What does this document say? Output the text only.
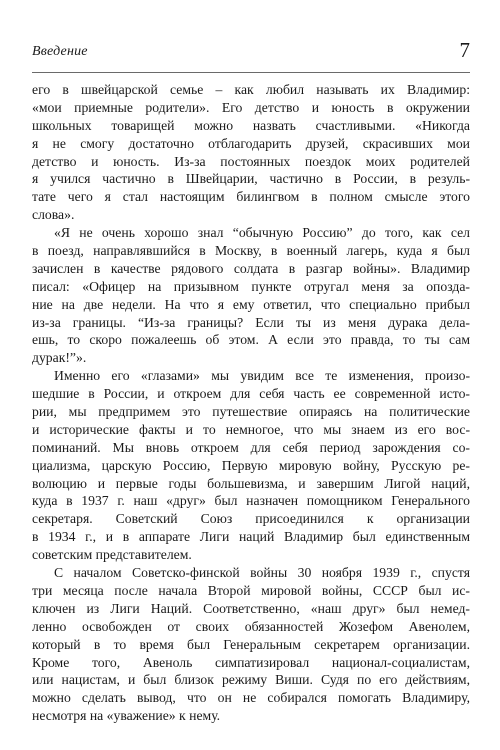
Введение	7
его в швейцарской семье – как любил называть их Владимир:
«мои приемные родители». Его детство и юность в окружении
школьных товарищей можно назвать счастливыми. «Никогда
я не смогу достаточно отблагодарить друзей, скрасивших мои
детство и юность. Из-за постоянных поездок моих родителей
я учился частично в Швейцарии, частично в России, в резуль-
тате чего я стал настоящим билингвом в полном смысле этого
слова».
«Я не очень хорошо знал “обычную Россию” до того, как сел
в поезд, направлявшийся в Москву, в военный лагерь, куда я был
зачислен в качестве рядового солдата в разгар войны». Владимир
писал: «Офицер на призывном пункте отругал меня за опозда-
ние на две недели. На что я ему ответил, что специально прибыл
из-за границы. “Из-за границы? Если ты из меня дурака дела-
ешь, то скоро пожалеешь об этом. А если это правда, то ты сам
дурак!”».
Именно его «глазами» мы увидим все те изменения, произо-
шедшие в России, и откроем для себя часть ее современной исто-
рии, мы предпримем это путешествие опираясь на политические
и исторические факты и то немногое, что мы знаем из его вос-
поминаний. Мы вновь откроем для себя период зарождения со-
циализма, царскую Россию, Первую мировую войну, Русскую ре-
волюцию и первые годы большевизма, и завершим Лигой наций,
куда в 1937 г. наш «друг» был назначен помощником Генерального
секретаря. Советский Союз присоединился к организации
в 1934 г., и в аппарате Лиги наций Владимир был единственным
советским представителем.
С началом Советско-финской войны 30 ноября 1939 г., спустя
три месяца после начала Второй мировой войны, СССР был ис-
ключен из Лиги Наций. Соответственно, «наш друг» был немед-
ленно освобожден от своих обязанностей Жозефом Авенолем,
который в то время был Генеральным секретарем организации.
Кроме того, Авеноль симпатизировал национал-социалистам,
или нацистам, и был близок режиму Виши. Судя по его действиям,
можно сделать вывод, что он не собирался помогать Владимиру,
несмотря на «уважение» к нему.
